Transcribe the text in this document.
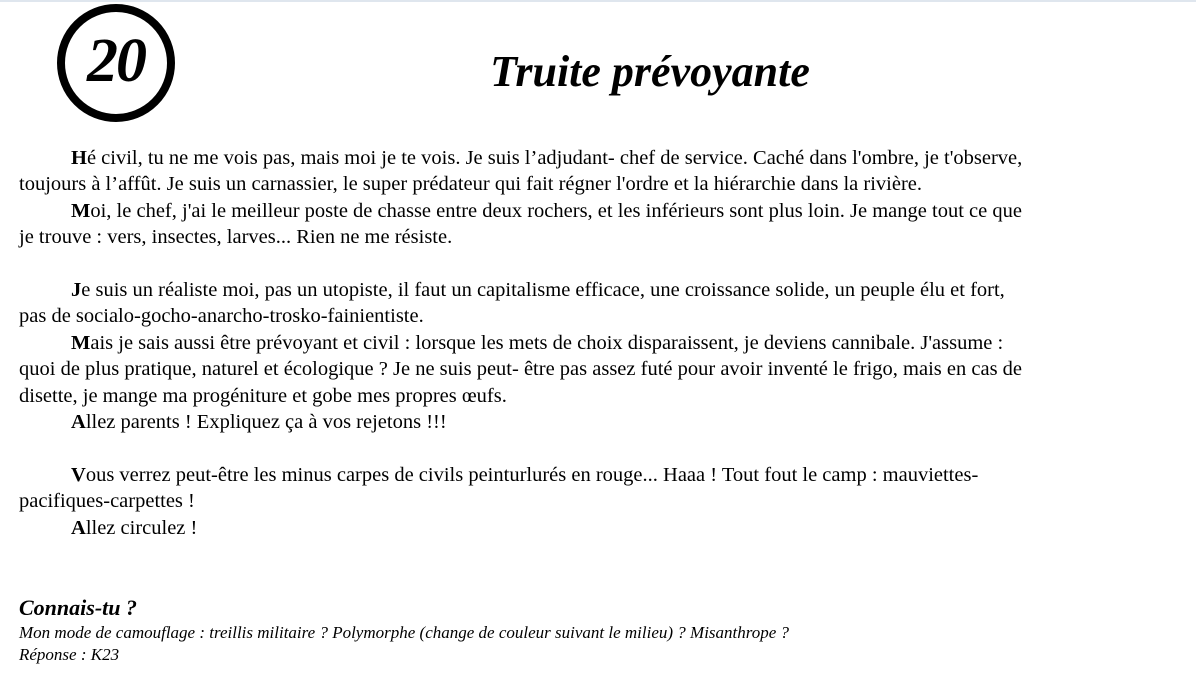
20	Truite prévoyante

Hé civil, tu ne me vois pas, mais moi je te vois. Je suis l’adjudant- chef de service. Caché dans l'ombre, je t'observe, toujours à l’affût. Je suis un carnassier, le super prédateur qui fait régner l'ordre et la hiérarchie dans la rivière.

Moi, le chef, j'ai le meilleur poste de chasse entre deux rochers, et les inférieurs sont plus loin. Je mange tout ce que je trouve : vers, insectes, larves... Rien ne me résiste.

Je suis un réaliste moi, pas un utopiste, il faut un capitalisme efficace, une croissance solide, un peuple élu et fort, pas de socialo-gocho-anarcho-trosko-fainientiste.

Mais je sais aussi être prévoyant et civil : lorsque les mets de choix disparaissent, je deviens cannibale. J'assume : quoi de plus pratique, naturel et écologique ? Je ne suis peut- être pas assez futé pour avoir inventé le frigo, mais en cas de disette, je mange ma progéniture et gobe mes propres œufs.

Allez parents ! Expliquez ça à vos rejetons !!!

Vous verrez peut-être les minus carpes de civils peinturlurés en rouge... Haaa ! Tout fout le camp : mauviettes-pacifiques-carpettes !

Allez circulez !

Connais-tu ?

Mon mode de camouflage : treillis militaire ? Polymorphe (change de couleur suivant le milieu) ? Misanthrope ?

Réponse : K23
